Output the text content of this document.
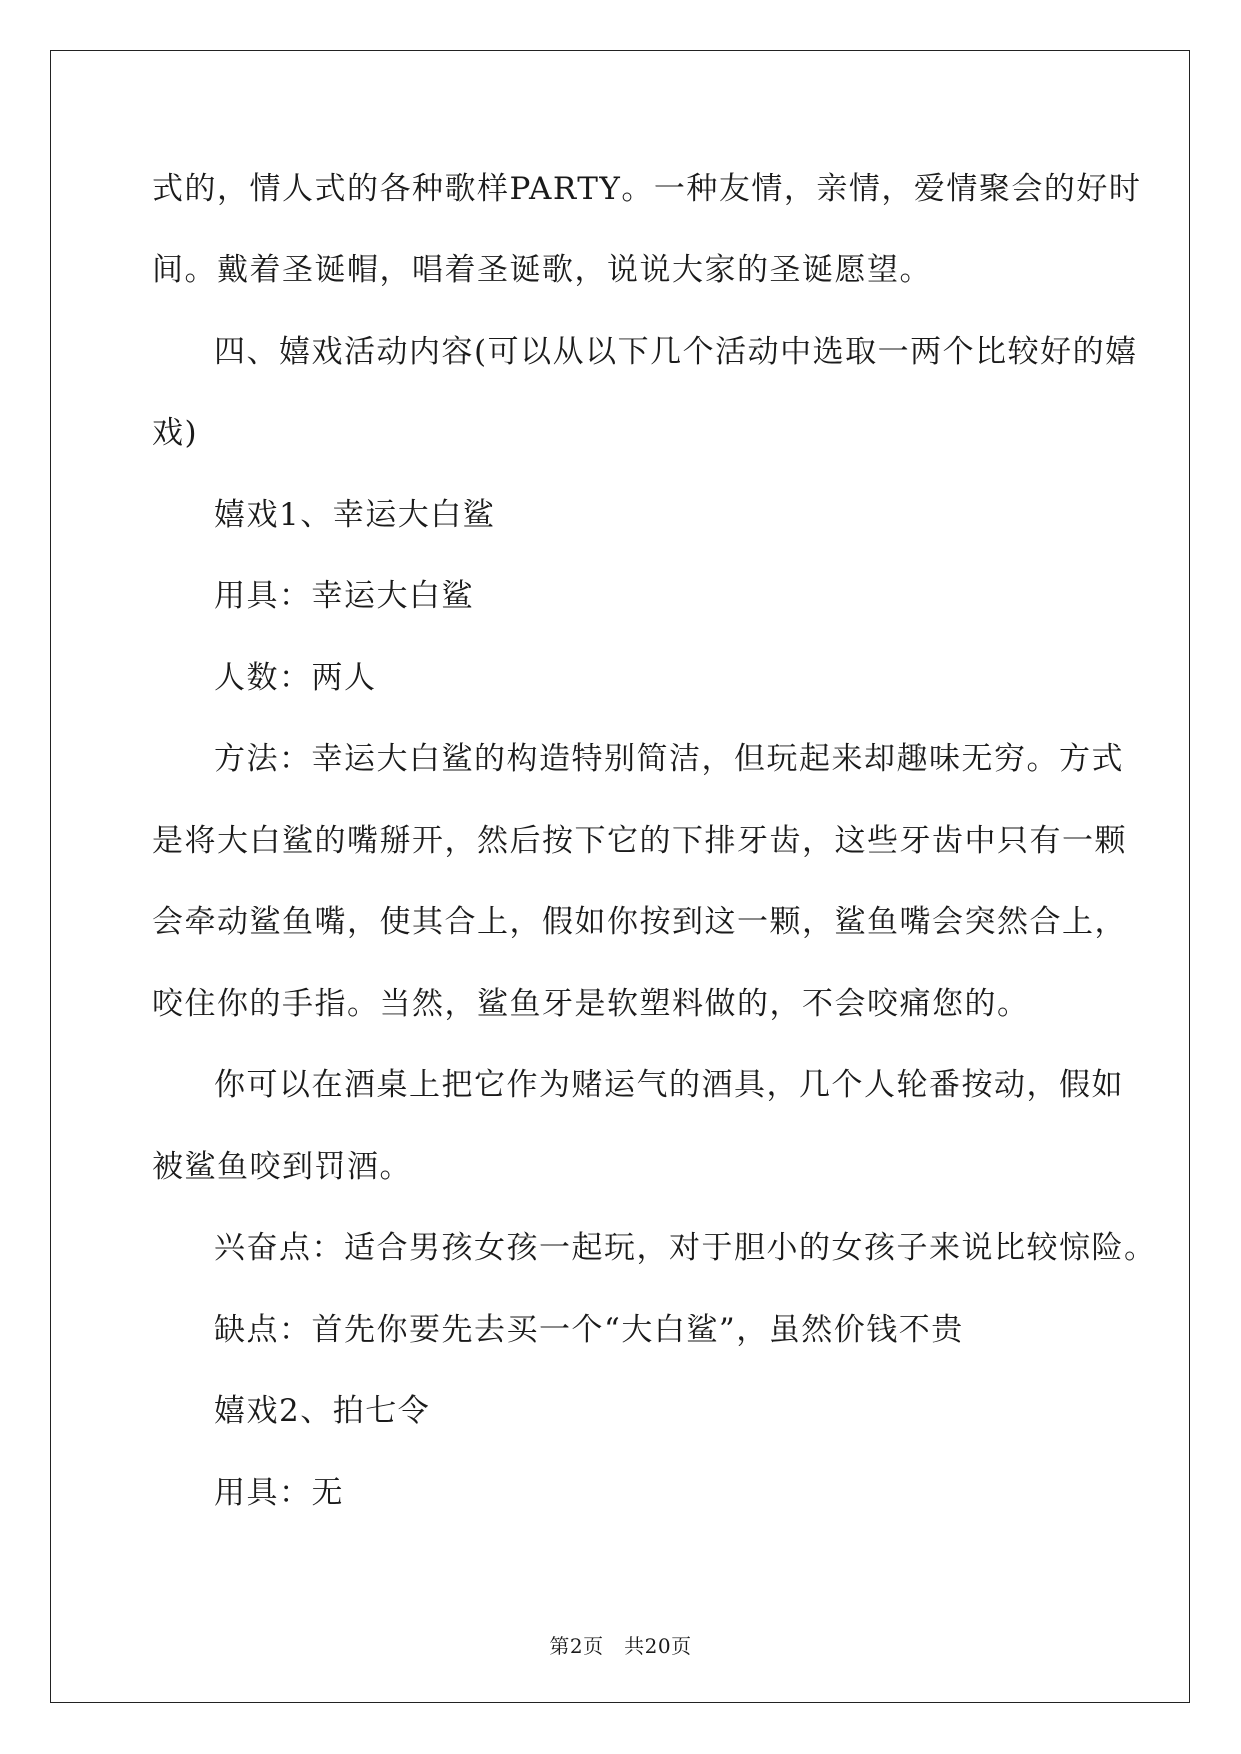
式的，情人式的各种歌样PARTY。一种友情，亲情，爱情聚会的好时

间。戴着圣诞帽，唱着圣诞歌，说说大家的圣诞愿望。

四、嬉戏活动内容(可以从以下几个活动中选取一两个比较好的嬉

戏)

嬉戏1、幸运大白鲨

用具：幸运大白鲨

人数：两人

方法：幸运大白鲨的构造特别简洁，但玩起来却趣味无穷。方式

是将大白鲨的嘴掰开，然后按下它的下排牙齿，这些牙齿中只有一颗

会牵动鲨鱼嘴，使其合上，假如你按到这一颗，鲨鱼嘴会突然合上，

咬住你的手指。当然，鲨鱼牙是软塑料做的，不会咬痛您的。

你可以在酒桌上把它作为赌运气的酒具，几个人轮番按动，假如

被鲨鱼咬到罚酒。

兴奋点：适合男孩女孩一起玩，对于胆小的女孩子来说比较惊险。

缺点：首先你要先去买一个“大白鲨”，虽然价钱不贵

嬉戏2、拍七令

用具：无

第2页　共20页
